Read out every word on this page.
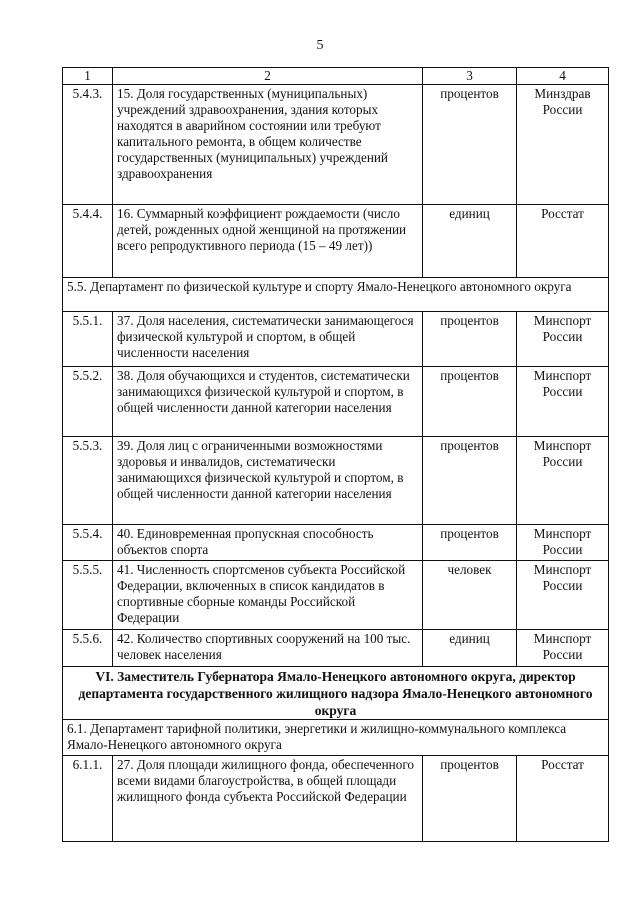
5
1	2	3	4
5.4.3.	15. Доля государственных (муниципальных) учреждений здравоохранения, здания которых находятся в аварийном состоянии или требуют капитального ремонта, в общем количестве государственных (муниципальных) учреждений здравоохранения	процентов	Минздрав России
5.4.4.	16. Суммарный коэффициент рождаемости (число детей, рожденных одной женщиной на протяжении всего репродуктивного периода (15 – 49 лет))	единиц	Росстат
5.5. Департамент по физической культуре и спорту Ямало-Ненецкого автономного округа			
5.5.1.	37. Доля населения, систематически занимающегося физической культурой и спортом, в общей численности населения	процентов	Минспорт России
5.5.2.	38. Доля обучающихся и студентов, систематически занимающихся физической культурой и спортом, в общей численности данной категории населения	процентов	Минспорт России
5.5.3.	39. Доля лиц с ограниченными возможностями здоровья и инвалидов, систематически занимающихся физической культурой и спортом, в общей численности данной категории населения	процентов	Минспорт России
5.5.4.	40. Единовременная пропускная способность объектов спорта	процентов	Минспорт России
5.5.5.	41. Численность спортсменов субъекта Российской Федерации, включенных в список кандидатов в спортивные сборные команды Российской Федерации	человек	Минспорт России
5.5.6.	42. Количество спортивных сооружений на 100 тыс. человек населения	единиц	Минспорт России
VI. Заместитель Губернатора Ямало-Ненецкого автономного округа, директор департамента государственного жилищного надзора Ямало-Ненецкого автономного округа			
6.1. Департамент тарифной политики, энергетики и жилищно-коммунального комплекса Ямало-Ненецкого автономного округа			
6.1.1.	27. Доля площади жилищного фонда, обеспеченного всеми видами благоустройства, в общей площади жилищного фонда субъекта Российской Федерации	процентов	Росстат
